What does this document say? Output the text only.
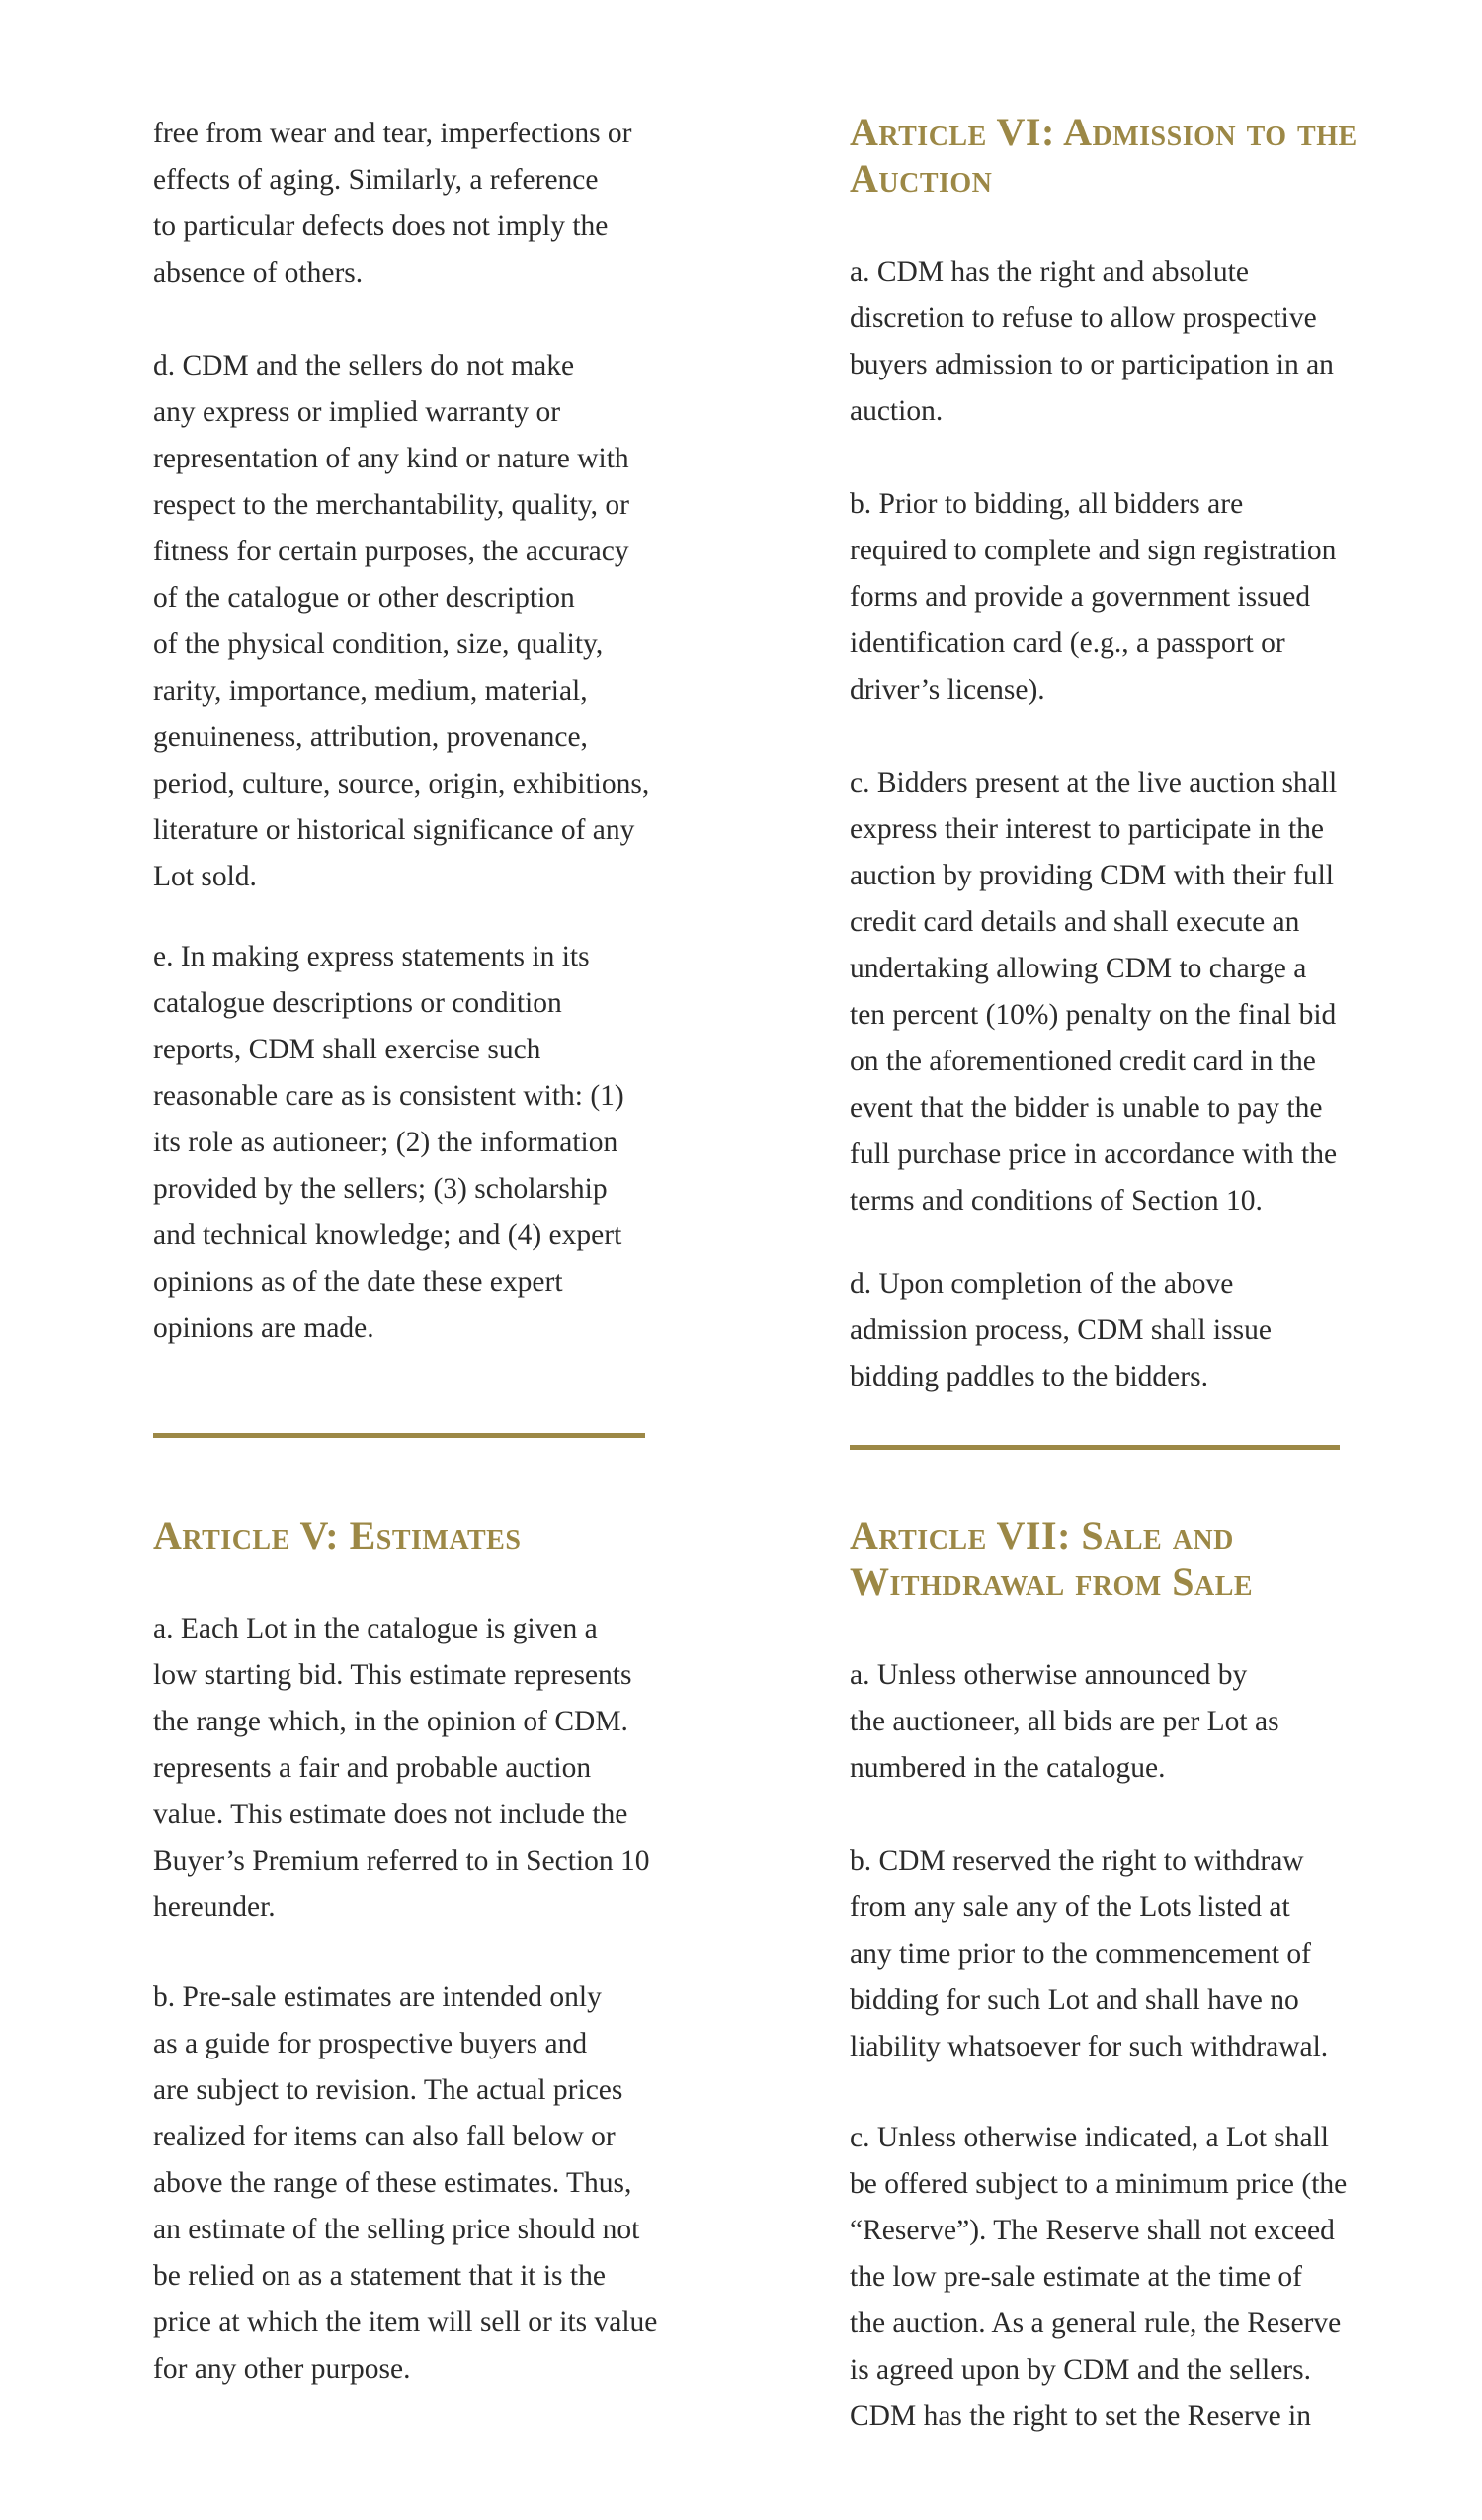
free from wear and tear, imperfections or
effects of aging. Similarly, a reference
to particular defects does not imply the
absence of others.

d. CDM and the sellers do not make
any express or implied warranty or
representation of any kind or nature with
respect to the merchantability, quality, or
fitness for certain purposes, the accuracy
of the catalogue or other description
of the physical condition, size, quality,
rarity, importance, medium, material,
genuineness, attribution, provenance,
period, culture, source, origin, exhibitions,
literature or historical significance of any
Lot sold.

e. In making express statements in its
catalogue descriptions or condition
reports, CDM shall exercise such
reasonable care as is consistent with: (1)
its role as autioneer; (2) the information
provided by the sellers; (3) scholarship
and technical knowledge; and (4) expert
opinions as of the date these expert
opinions are made.

Article V: Estimates

a. Each Lot in the catalogue is given a
low starting bid. This estimate represents
the range which, in the opinion of CDM.
represents a fair and probable auction
value. This estimate does not include the
Buyer’s Premium referred to in Section 10
hereunder.

b. Pre-sale estimates are intended only
as a guide for prospective buyers and
are subject to revision. The actual prices
realized for items can also fall below or
above the range of these estimates. Thus,
an estimate of the selling price should not
be relied on as a statement that it is the
price at which the item will sell or its value
for any other purpose.

Article VI: Admission to the
Auction

a. CDM has the right and absolute
discretion to refuse to allow prospective
buyers admission to or participation in an
auction.

b. Prior to bidding, all bidders are
required to complete and sign registration
forms and provide a government issued
identification card (e.g., a passport or
driver’s license).

c. Bidders present at the live auction shall
express their interest to participate in the
auction by providing CDM with their full
credit card details and shall execute an
undertaking allowing CDM to charge a
ten percent (10%) penalty on the final bid
on the aforementioned credit card in the
event that the bidder is unable to pay the
full purchase price in accordance with the
terms and conditions of Section 10.

d. Upon completion of the above
admission process, CDM shall issue
bidding paddles to the bidders.

Article VII: Sale and
Withdrawal from Sale

a. Unless otherwise announced by
the auctioneer, all bids are per Lot as
numbered in the catalogue.

b. CDM reserved the right to withdraw
from any sale any of the Lots listed at
any time prior to the commencement of
bidding for such Lot and shall have no
liability whatsoever for such withdrawal.

c. Unless otherwise indicated, a Lot shall
be offered subject to a minimum price (the
“Reserve”). The Reserve shall not exceed
the low pre-sale estimate at the time of
the auction. As a general rule, the Reserve
is agreed upon by CDM and the sellers.
CDM has the right to set the Reserve in
